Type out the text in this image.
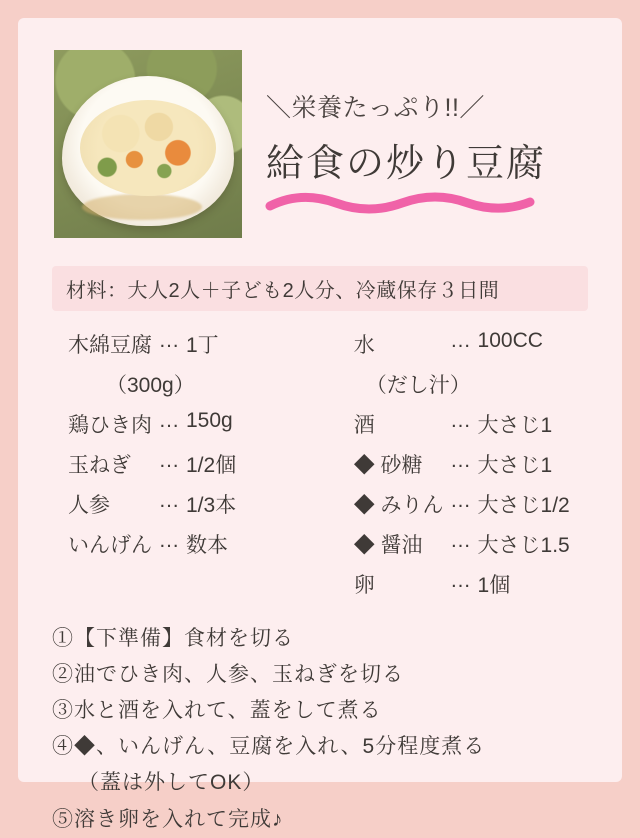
＼栄養たっぷり!!／
給食の炒り豆腐
材料：大人2人＋子ども2人分、冷蔵保存３日間
木綿豆腐 … 1丁
（300g）
鶏ひき肉 … 150g
玉ねぎ	… 1/2個
人参	… 1/3本
いんげん … 数本
水	… 100CC
（だし汁）
酒	… 大さじ1
◆ 砂糖	… 大さじ1
◆ みりん … 大さじ1/2
◆ 醤油	… 大さじ1.5
卵	… 1個
①【下準備】食材を切る
②油でひき肉、人参、玉ねぎを切る
③水と酒を入れて、蓋をして煮る
④◆、いんげん、豆腐を入れ、5分程度煮る
（蓋は外してOK）
⑤溶き卵を入れて完成♪
